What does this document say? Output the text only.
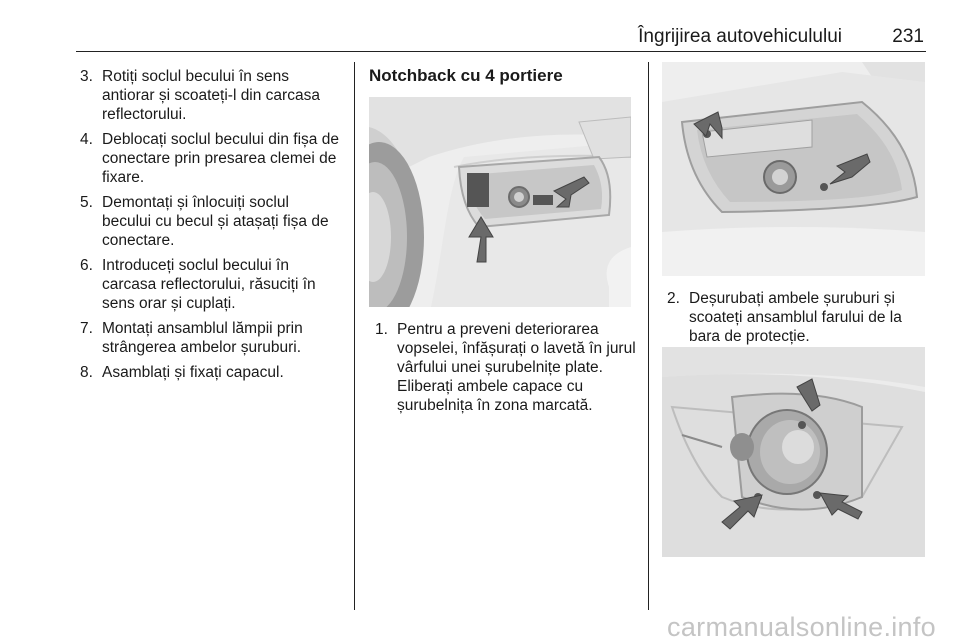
Îngrijirea autovehiculului	231
3. Rotiți soclul becului în sens antiorar și scoateți-l din carcasa reflectorului.
4. Deblocați soclul becului din fișa de conectare prin presarea clemei de fixare.
5. Demontați și înlocuiți soclul becului cu becul și atașați fișa de conectare.
6. Introduceți soclul becului în carcasa reflectorului, răsuciți în sens orar și cuplați.
7. Montați ansamblul lămpii prin strângerea ambelor șuruburi.
8. Asamblați și fixați capacul.
Notchback cu 4 portiere
1. Pentru a preveni deteriorarea vopselei, înfășurați o lavetă în jurul vârfului unei șurubelnițe plate. Eliberați ambele capace cu șurubelnița în zona marcată.
2. Deșurubați ambele șuruburi și scoateți ansamblul farului de la bara de protecție.
carmanualsonline.info
